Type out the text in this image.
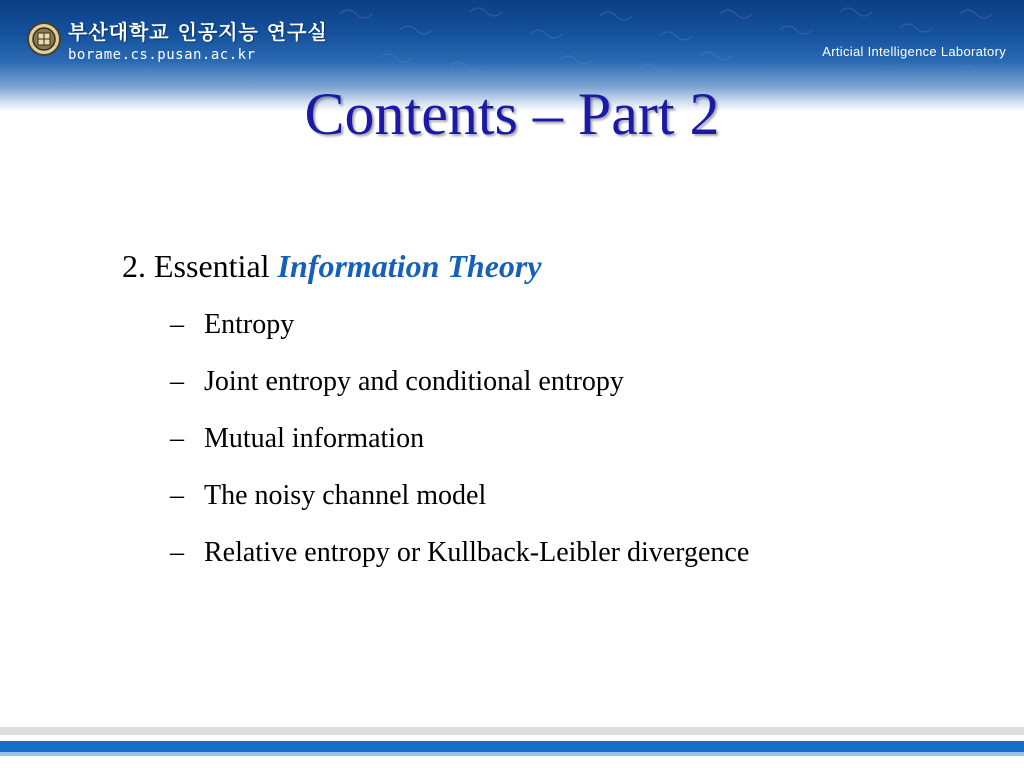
부산대학교 인공지능 연구실
borame.cs.pusan.ac.kr	Articial Intelligence Laboratory
Contents – Part 2
2. Essential Information Theory
– Entropy
– Joint entropy and conditional entropy
– Mutual information
– The noisy channel model
– Relative entropy or Kullback-Leibler divergence
